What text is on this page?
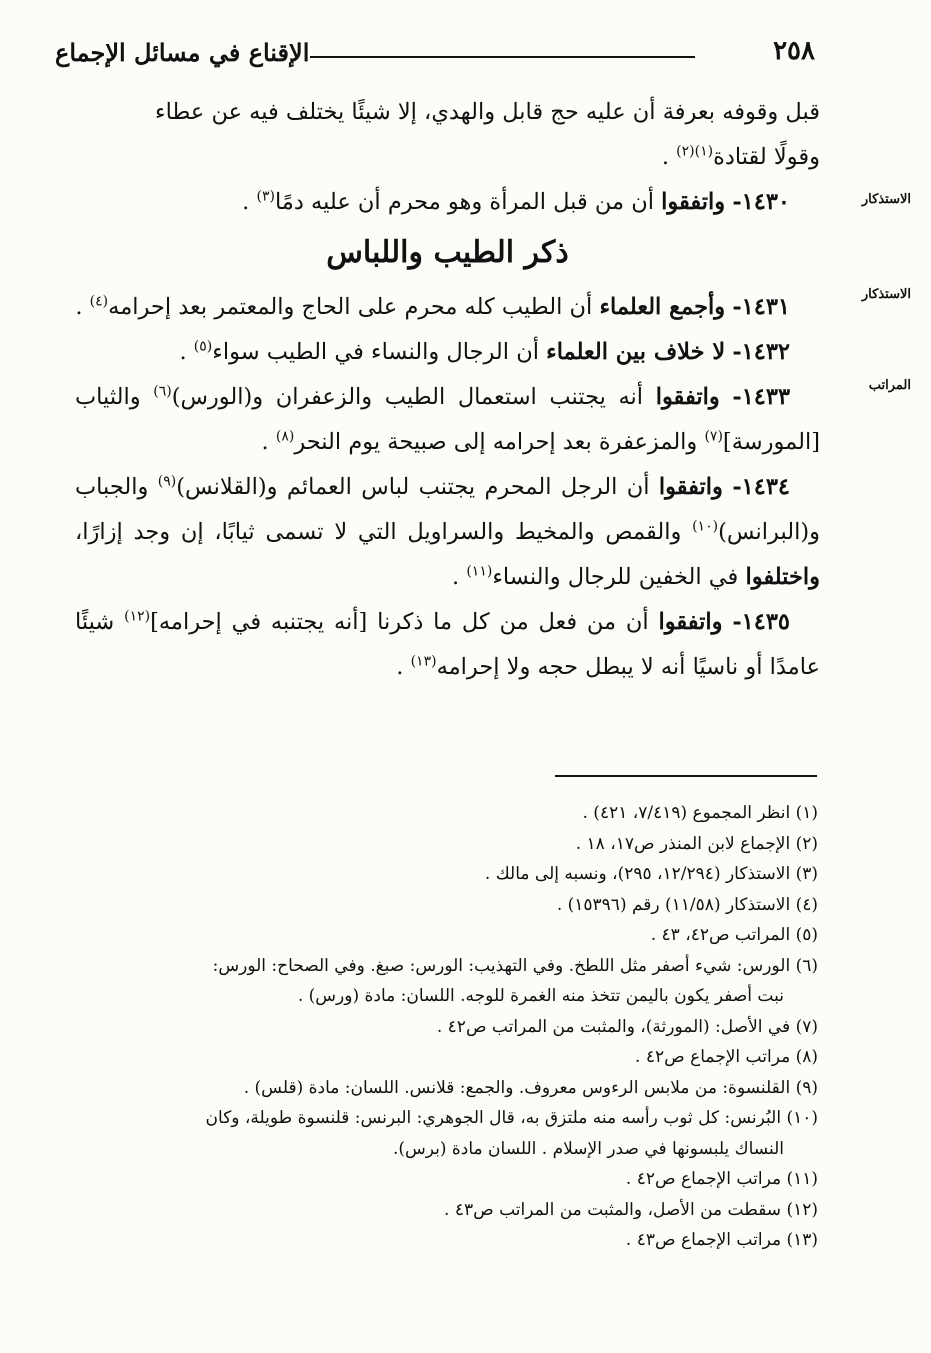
٢٥٨
الإقناع في مسائل الإجماع
الاستذكار
الاستذكار
المراتب

قبل وقوفه بعرفة أن عليه حج قابل والهدي، إلا شيئًا يختلف فيه عن عطاء
وقولًا لقتادة$^{(١)(٢)}$ .

١٤٣٠- واتفقوا أن من قبل المرأة وهو محرم أن عليه دمًا$^{(٣)}$ .

ذكر الطيب واللباس

١٤٣١- وأجمع العلماء أن الطيب كله محرم على الحاج والمعتمر بعد إحرامه$^{(٤)}$ .

١٤٣٢- لا خلاف بين العلماء أن الرجال والنساء في الطيب سواء$^{(٥)}$ .

١٤٣٣- واتفقوا أنه يجتنب استعمال الطيب والزعفران و(الورس)$^{(٦)}$ والثياب [المورسة]$^{(٧)}$ والمزعفرة بعد إحرامه إلى صبيحة يوم النحر$^{(٨)}$ .

١٤٣٤- واتفقوا أن الرجل المحرم يجتنب لباس العمائم و(القلانس)$^{(٩)}$ والجباب و(البرانس)$^{(١٠)}$ والقمص والمخيط والسراويل التي لا تسمى ثيابًا، إن وجد إزارًا، واختلفوا في الخفين للرجال والنساء$^{(١١)}$ .

١٤٣٥- واتفقوا أن من فعل من كل ما ذكرنا [أنه يجتنبه في إحرامه]$^{(١٢)}$ شيئًا عامدًا أو ناسيًا أنه لا يبطل حجه ولا إحرامه$^{(١٣)}$ .

(١) انظر المجموع (٧/٤١٩، ٤٢١) .

(٢) الإجماع لابن المنذر ص١٧، ١٨ .

(٣) الاستذكار (١٢/٢٩٤، ٢٩٥)، ونسبه إلى مالك .

(٤) الاستذكار (١١/٥٨) رقم (١٥٣٩٦) .

(٥) المراتب ص٤٢، ٤٣ .

(٦) الورس: شيء أصفر مثل اللطخ. وفي التهذيب: الورس: صبغ. وفي الصحاح: الورس:

نبت أصفر يكون باليمن تتخذ منه الغمرة للوجه. اللسان: مادة (ورس) .

(٧) في الأصل: (المورثة)، والمثبت من المراتب ص٤٢ .

(٨) مراتب الإجماع ص٤٢ .

(٩) القلنسوة: من ملابس الرءوس معروف. والجمع: قلانس. اللسان: مادة (قلس) .

(١٠) البُرنس: كل ثوب رأسه منه ملتزق به، قال الجوهري: البرنس: قلنسوة طويلة، وكان

النساك يلبسونها في صدر الإسلام . اللسان مادة (برس).

(١١) مراتب الإجماع ص٤٢ .

(١٢) سقطت من الأصل، والمثبت من المراتب ص٤٣ .

(١٣) مراتب الإجماع ص٤٣ .
